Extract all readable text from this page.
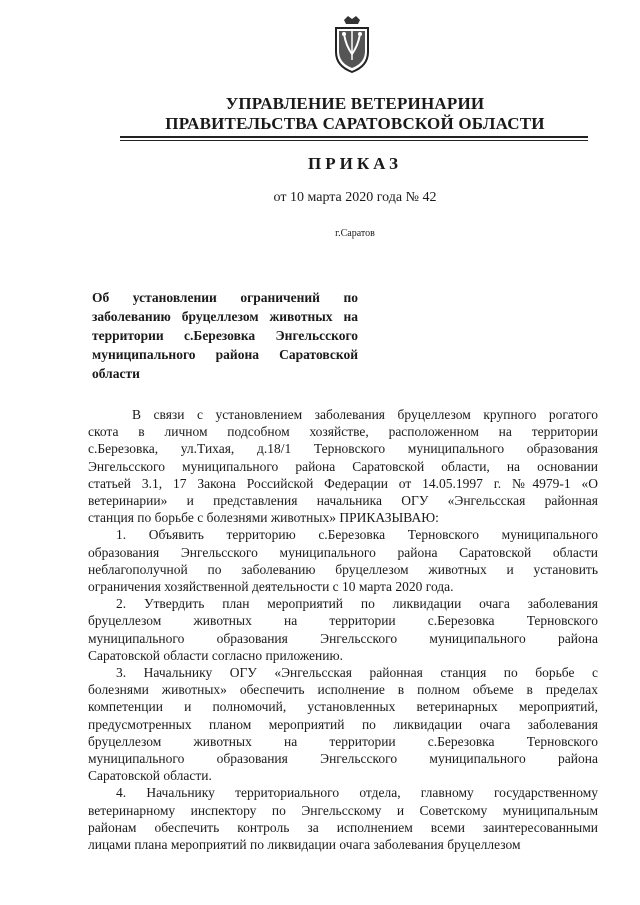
УПРАВЛЕНИЕ ВЕТЕРИНАРИИ
ПРАВИТЕЛЬСТВА САРАТОВСКОЙ ОБЛАСТИ
ПРИКАЗ
от 10 марта 2020 года № 42
г.Саратов
Об установлении ограничений по
заболеванию бруцеллезом животных на
территории с.Березовка Энгельсского
муниципального района Саратовской
области
В связи с установлением заболевания бруцеллезом крупного рогатого
скота в личном подсобном хозяйстве, расположенном на территории
с.Березовка, ул.Тихая, д.18/1 Терновского муниципального образования
Энгельсского муниципального района Саратовской области, на основании
статьей 3.1, 17 Закона Российской Федерации от 14.05.1997 г. №4979-1 «О
ветеринарии» и представления начальника ОГУ «Энгельсская районная
станция по борьбе с болезнями животных» ПРИКАЗЫВАЮ:
1. Объявить территорию с.Березовка Терновского муниципального
образования Энгельсского муниципального района Саратовской области
неблагополучной по заболеванию бруцеллезом животных и установить
ограничения хозяйственной деятельности с 10 марта 2020 года.
2. Утвердить план мероприятий по ликвидации очага заболевания
бруцеллезом животных на территории с.Березовка Терновского
муниципального образования Энгельсского муниципального района
Саратовской области согласно приложению.
3. Начальнику ОГУ «Энгельсская районная станция по борьбе с
болезнями животных» обеспечить исполнение в полном объеме в пределах
компетенции и полномочий, установленных ветеринарных мероприятий,
предусмотренных планом мероприятий по ликвидации очага заболевания
бруцеллезом животных на территории с.Березовка Терновского
муниципального образования Энгельсского муниципального района
Саратовской области.
4. Начальнику территориального отдела, главному государственному
ветеринарному инспектору по Энгельсскому и Советскому муниципальным
районам обеспечить контроль за исполнением всеми заинтересованными
лицами плана мероприятий по ликвидации очага заболевания бруцеллезом
